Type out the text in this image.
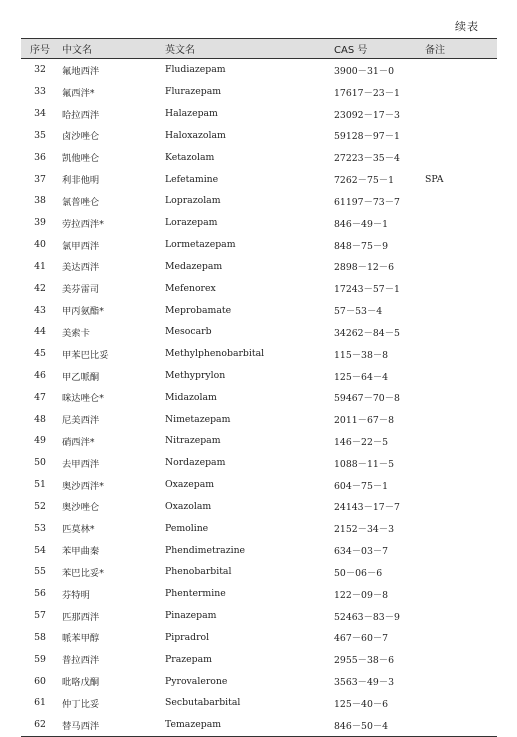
续表
序号	中文名	英文名	CAS 号	备注
32	氟地西泮	Fludiazepam	3900－31－0	
33	氟西泮*	Flurazepam	17617－23－1	
34	哈拉西泮	Halazepam	23092－17－3	
35	卤沙唑仑	Haloxazolam	59128－97－1	
36	凯他唑仑	Ketazolam	27223－35－4	
37	利非他明	Lefetamine	7262－75－1	SPA
38	氯普唑仑	Loprazolam	61197－73－7	
39	劳拉西泮*	Lorazepam	846－49－1	
40	氯甲西泮	Lormetazepam	848－75－9	
41	美达西泮	Medazepam	2898－12－6	
42	美芬雷司	Mefenorex	17243－57－1	
43	甲丙氨酯*	Meprobamate	57－53－4	
44	美索卡	Mesocarb	34262－84－5	
45	甲苯巴比妥	Methylphenobarbital	115－38－8	
46	甲乙哌酮	Methyprylon	125－64－4	
47	咪达唑仑*	Midazolam	59467－70－8	
48	尼美西泮	Nimetazepam	2011－67－8	
49	硝西泮*	Nitrazepam	146－22－5	
50	去甲西泮	Nordazepam	1088－11－5	
51	奥沙西泮*	Oxazepam	604－75－1	
52	奥沙唑仑	Oxazolam	24143－17－7	
53	匹莫林*	Pemoline	2152－34－3	
54	苯甲曲秦	Phendimetrazine	634－03－7	
55	苯巴比妥*	Phenobarbital	50－06－6	
56	芬特明	Phentermine	122－09－8	
57	匹那西泮	Pinazepam	52463－83－9	
58	哌苯甲醇	Pipradrol	467－60－7	
59	普拉西泮	Prazepam	2955－38－6	
60	吡咯戊酮	Pyrovalerone	3563－49－3	
61	仲丁比妥	Secbutabarbital	125－40－6	
62	替马西泮	Temazepam	846－50－4	
